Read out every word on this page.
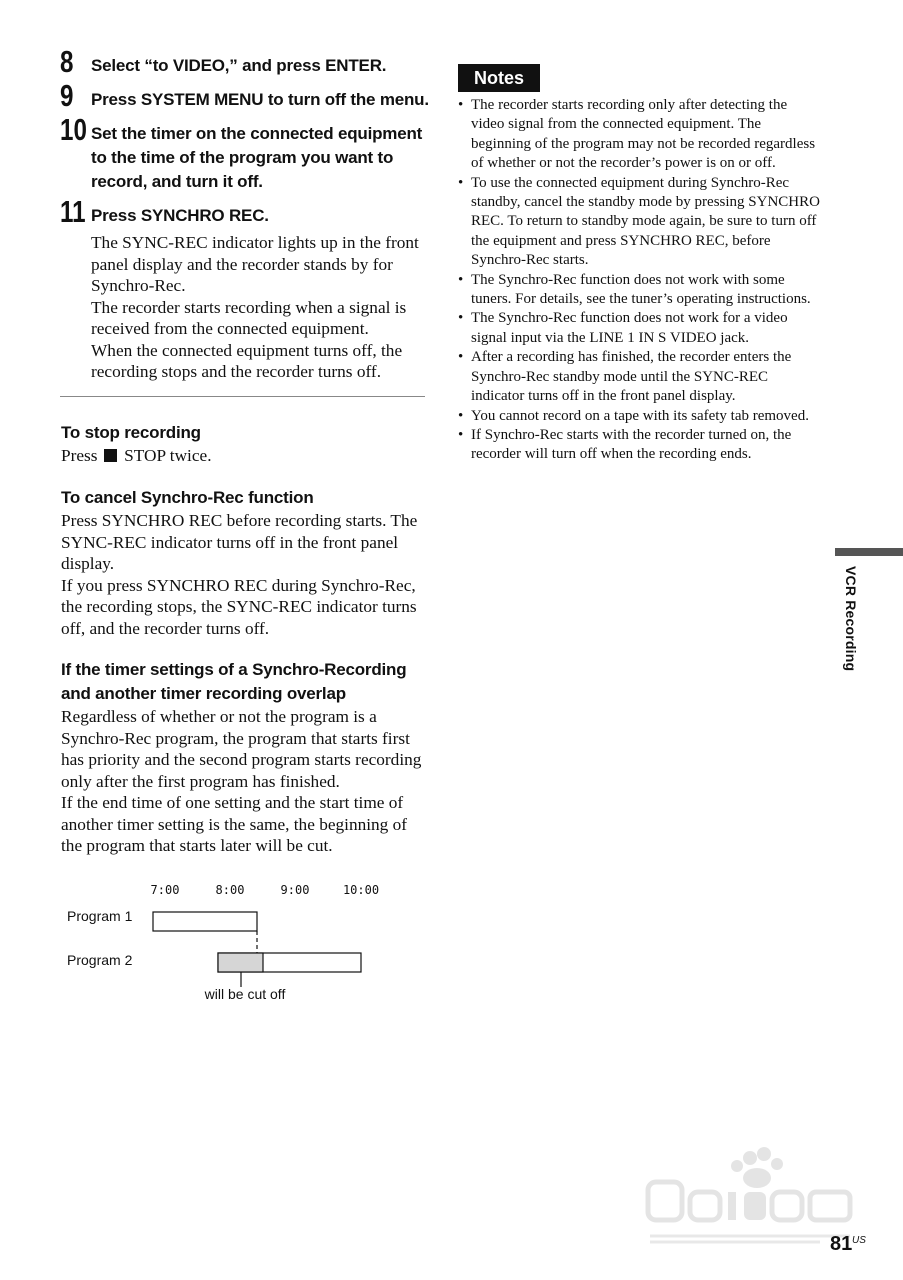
8 Select “to VIDEO,” and press ENTER.
9 Press SYSTEM MENU to turn off the menu.
10 Set the timer on the connected equipment to the time of the program you want to record, and turn it off.
11 Press SYNCHRO REC.

The SYNC-REC indicator lights up in the front panel display and the recorder stands by for Synchro-Rec.

The recorder starts recording when a signal is received from the connected equipment.

When the connected equipment turns off, the recording stops and the recorder turns off.

To stop recording
Press STOP twice.
To cancel Synchro-Rec function

Press SYNCHRO REC before recording starts. The SYNC-REC indicator turns off in the front panel display.

If you press SYNCHRO REC during Synchro-Rec, the recording stops, the SYNC-REC indicator turns off, and the recorder turns off.

If the timer settings of a Synchro-Recording and another timer recording overlap

Regardless of whether or not the program is a Synchro-Rec program, the program that starts first has priority and the second program starts recording only after the first program has finished.

If the end time of one setting and the start time of another timer setting is the same, the beginning of the program that starts later will be cut.

7:00	8:00	9:00	10:00
Program 1
Program 2
will be cut off
Notes
• The recorder starts recording only after detecting the video signal from the connected equipment. The beginning of the program may not be recorded regardless of whether or not the recorder’s power is on or off.
• To use the connected equipment during Synchro-Rec standby, cancel the standby mode by pressing SYNCHRO REC. To return to standby mode again, be sure to turn off the equipment and press SYNCHRO REC, before Synchro-Rec starts.
• The Synchro-Rec function does not work with some tuners. For details, see the tuner’s operating instructions.
• The Synchro-Rec function does not work for a video signal input via the LINE 1 IN S VIDEO jack.
• After a recording has finished, the recorder enters the Synchro-Rec standby mode until the SYNC-REC indicator turns off in the front panel display.
• You cannot record on a tape with its safety tab removed.
• If Synchro-Rec starts with the recorder turned on, the recorder will turn off when the recording ends.
VCR Recording
81 US
